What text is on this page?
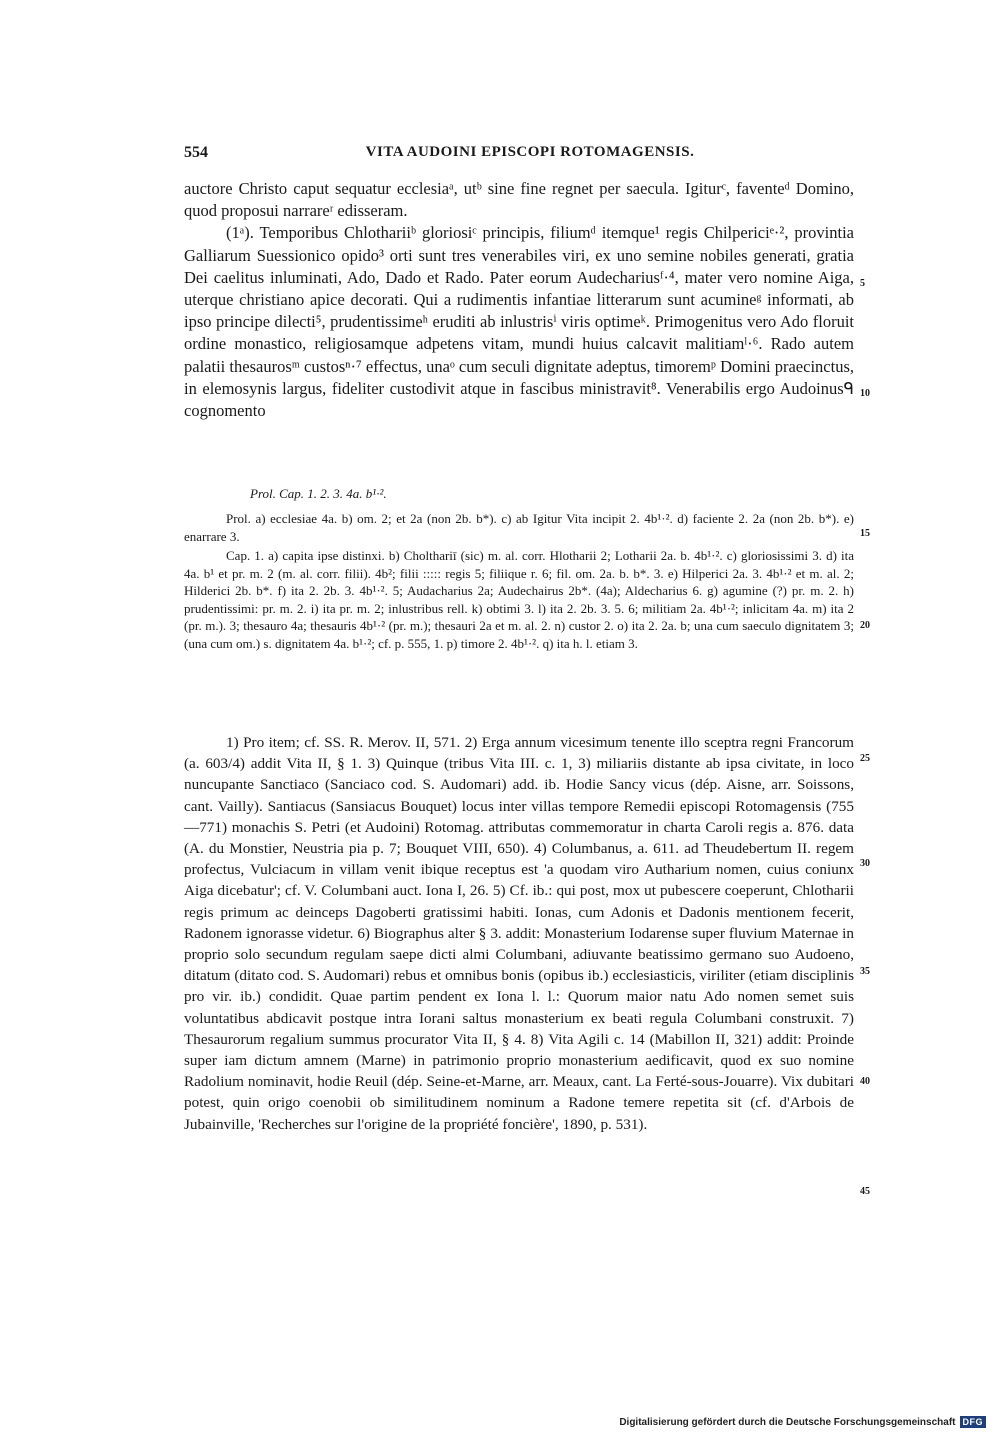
554	VITA AUDOINI EPISCOPI ROTOMAGENSIS.

auctore Christo caput sequatur ecclesiaᵃ, utᵇ sine fine regnet per saecula. Igiturᶜ, faventeᵈ Domino, quod proposui narrareʳ edisseram.

(1ᵃ). Temporibus Chlothariiᵇ gloriosiᶜ principis, filiumᵈ itemque¹ regis Chilpericiᵉ·², provintia Galliarum Suessionico opido³ orti sunt tres venerabiles viri, ex uno semine nobiles generati, gratia Dei caelitus inluminati, Ado, Dado et Rado. Pater eorum Audechariusᶠ·⁴, mater vero nomine Aiga, uterque christiano apice decorati. Qui a rudimentis infantiae litterarum sunt acumineᵍ informati, ab ipso principe dilecti⁵, prudentissimeʰ eruditi ab inlustrisⁱ viris optimeᵏ. Primogenitus vero Ado floruit ordine monastico, religiosamque adpetens vitam, mundi huius calcavit malitiamˡ·⁶. Rado autem palatii thesaurosᵐ custosⁿ·⁷ effectus, unaᵒ cum seculi dignitate adeptus, timoremᵖ Domini praecinctus, in elemosynis largus, fideliter custodivit atque in fascibus ministravit⁸. Venerabilis ergo Audoinusᑫ cognomento

5
10
15
20
25
30
35
40
45
Prol. Cap. 1. 2. 3. 4a. b¹·².

Prol. a) ecclesiae 4a. b) om. 2; et 2a (non 2b. b*). c) ab Igitur Vita incipit 2. 4b¹·². d) faciente 2. 2a (non 2b. b*). e) enarrare 3.

Cap. 1. a) capita ipse distinxi. b) Cholthariī (sic) m. al. corr. Hlotharii 2; Lotharii 2a. b. 4b¹·². c) gloriosissimi 3. d) ita 4a. b¹ et pr. m. 2 (m. al. corr. filii). 4b²; filii ::::: regis 5; filiique r. 6; fil. om. 2a. b. b*. 3. e) Hilperici 2a. 3. 4b¹·² et m. al. 2; Hilderici 2b. b*. f) ita 2. 2b. 3. 4b¹·². 5; Audacharius 2a; Audechairus 2b*. (4a); Aldecharius 6. g) agumine (?) pr. m. 2. h) prudentissimi: pr. m. 2. i) ita pr. m. 2; inlustribus rell. k) obtimi 3. l) ita 2. 2b. 3. 5. 6; militiam 2a. 4b¹·²; inlicitam 4a. m) ita 2 (pr. m.). 3; thesaurο 4a; thesauris 4b¹·² (pr. m.); thesauri 2a et m. al. 2. n) custor 2. o) ita 2. 2a. b; una cum saeculo dignitatem 3; (una cum om.) s. dignitatem 4a. b¹·²; cf. p. 555, 1. p) timore 2. 4b¹·². q) ita h. l. etiam 3.

1) Pro item; cf. SS. R. Merov. II, 571. 2) Erga annum vicesimum tenente illo sceptra regni Francorum (a. 603/4) addit Vita II, § 1. 3) Quinque (tribus Vita III. c. 1, 3) miliariis distante ab ipsa civitate, in loco nuncupante Sanctiaco (Sanciaco cod. S. Audomari) add. ib. Hodie Sancy vicus (dép. Aisne, arr. Soissons, cant. Vailly). Santiacus (Sansiacus Bouquet) locus inter villas tempore Remedii episcopi Rotomagensis (755—771) monachis S. Petri (et Audoini) Rotomag. attributas commemoratur in charta Caroli regis a. 876. data (A. du Monstier, Neustria pia p. 7; Bouquet VIII, 650). 4) Columbanus, a. 611. ad Theudebertum II. regem profectus, Vulciacum in villam venit ibique receptus est 'a quodam viro Autharium nomen, cuius coniunx Aiga dicebatur'; cf. V. Columbani auct. Iona I, 26. 5) Cf. ib.: qui post, mox ut pubescere coeperunt, Chlotharii regis primum ac deinceps Dagoberti gratissimi habiti. Ionas, cum Adonis et Dadonis mentionem fecerit, Radonem ignorasse videtur. 6) Biographus alter § 3. addit: Monasterium Iodarense super fluvium Maternae in proprio solo secundum regulam saepe dicti almi Columbani, adiuvante beatissimo germano suo Audoeno, ditatum (ditato cod. S. Audomari) rebus et omnibus bonis (opibus ib.) ecclesiasticis, viriliter (etiam disciplinis pro vir. ib.) condidit. Quae partim pendent ex Iona l. l.: Quorum maior natu Ado nomen semet suis voluntatibus abdicavit postque intra Iorani saltus monasterium ex beati regula Columbani construxit. 7) Thesaurorum regalium summus procurator Vita II, § 4. 8) Vita Agili c. 14 (Mabillon II, 321) addit: Proinde super iam dictum amnem (Marne) in patrimonio proprio monasterium aedificavit, quod ex suo nomine Radolium nominavit, hodie Reuil (dép. Seine-et-Marne, arr. Meaux, cant. La Ferté-sous-Jouarre). Vix dubitari potest, quin origo coenobii ob similitudinem nominum a Radone temere repetita sit (cf. d'Arbois de Jubainville, 'Recherches sur l'origine de la propriété foncière', 1890, p. 531).

Digitalisierung gefördert durch die Deutsche Forschungsgemeinschaft DFG
